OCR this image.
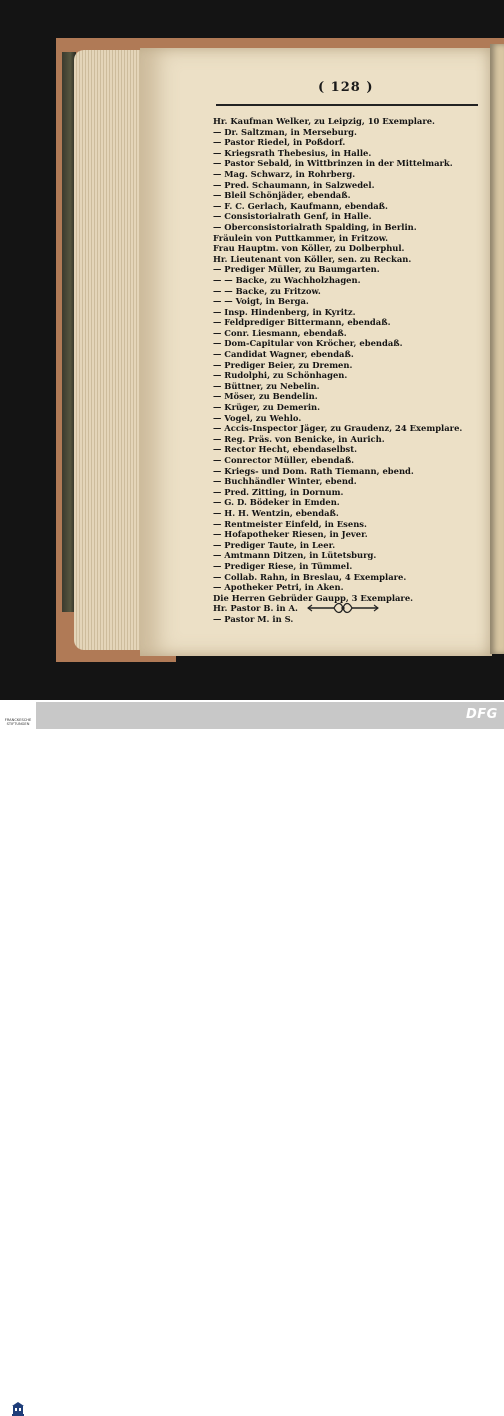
( 128 )
Hr. Kaufman Welker, zu Leipzig, 10 Exemplare.
— Dr. Saltzman, in Merseburg.
— Pastor Riedel, in Poßdorf.
— Kriegsrath Thebesius, in Halle.
— Pastor Sebald, in Wittbrinzen in der Mittelmark.
— Mag. Schwarz, in Rohrberg.
— Pred. Schaumann, in Salzwedel.
— Bleil Schönjäder, ebendaß.
— F. C. Gerlach, Kaufmann, ebendaß.
— Consistorialrath Genf, in Halle.
— Oberconsistorialrath Spalding, in Berlin.
Fräulein von Puttkammer, in Fritzow.
Frau Hauptm. von Köller, zu Dolberphul.
Hr. Lieutenant von Köller, sen. zu Reckan.
— Prediger Müller, zu Baumgarten.
— — Backe, zu Wachholzhagen.
— — Backe, zu Fritzow.
— — Voigt, in Berga.
— Insp. Hindenberg, in Kyritz.
— Feldprediger Bittermann, ebendaß.
— Conr. Liesmann, ebendaß.
— Dom-Capitular von Kröcher, ebendaß.
— Candidat Wagner, ebendaß.
— Prediger Beier, zu Dremen.
— Rudolphi, zu Schönhagen.
— Büttner, zu Nebelin.
— Möser, zu Bendelin.
— Krüger, zu Demerin.
— Vogel, zu Wehlo.
— Accis-Inspector Jäger, zu Graudenz, 24 Exemplare.
— Reg. Präs. von Benicke, in Aurich.
— Rector Hecht, ebendaselbst.
— Conrector Müller, ebendaß.
— Kriegs- und Dom. Rath Tiemann, ebend.
— Buchhändler Winter, ebend.
— Pred. Zitting, in Dornum.
— G. D. Bödeker in Emden.
— H. H. Wentzin, ebendaß.
— Rentmeister Einfeld, in Esens.
— Hofapotheker Riesen, in Jever.
— Prediger Taute, in Leer.
— Amtmann Ditzen, in Lütetsburg.
— Prediger Riese, in Tümmel.
— Collab. Rahn, in Breslau, 4 Exemplare.
— Apotheker Petri, in Aken.
Die Herren Gebrüder Gaupp, 3 Exemplare.
Hr. Pastor B. in A.
— Pastor M. in S.
FRANCKESCHE STIFTUNGEN
DFG
